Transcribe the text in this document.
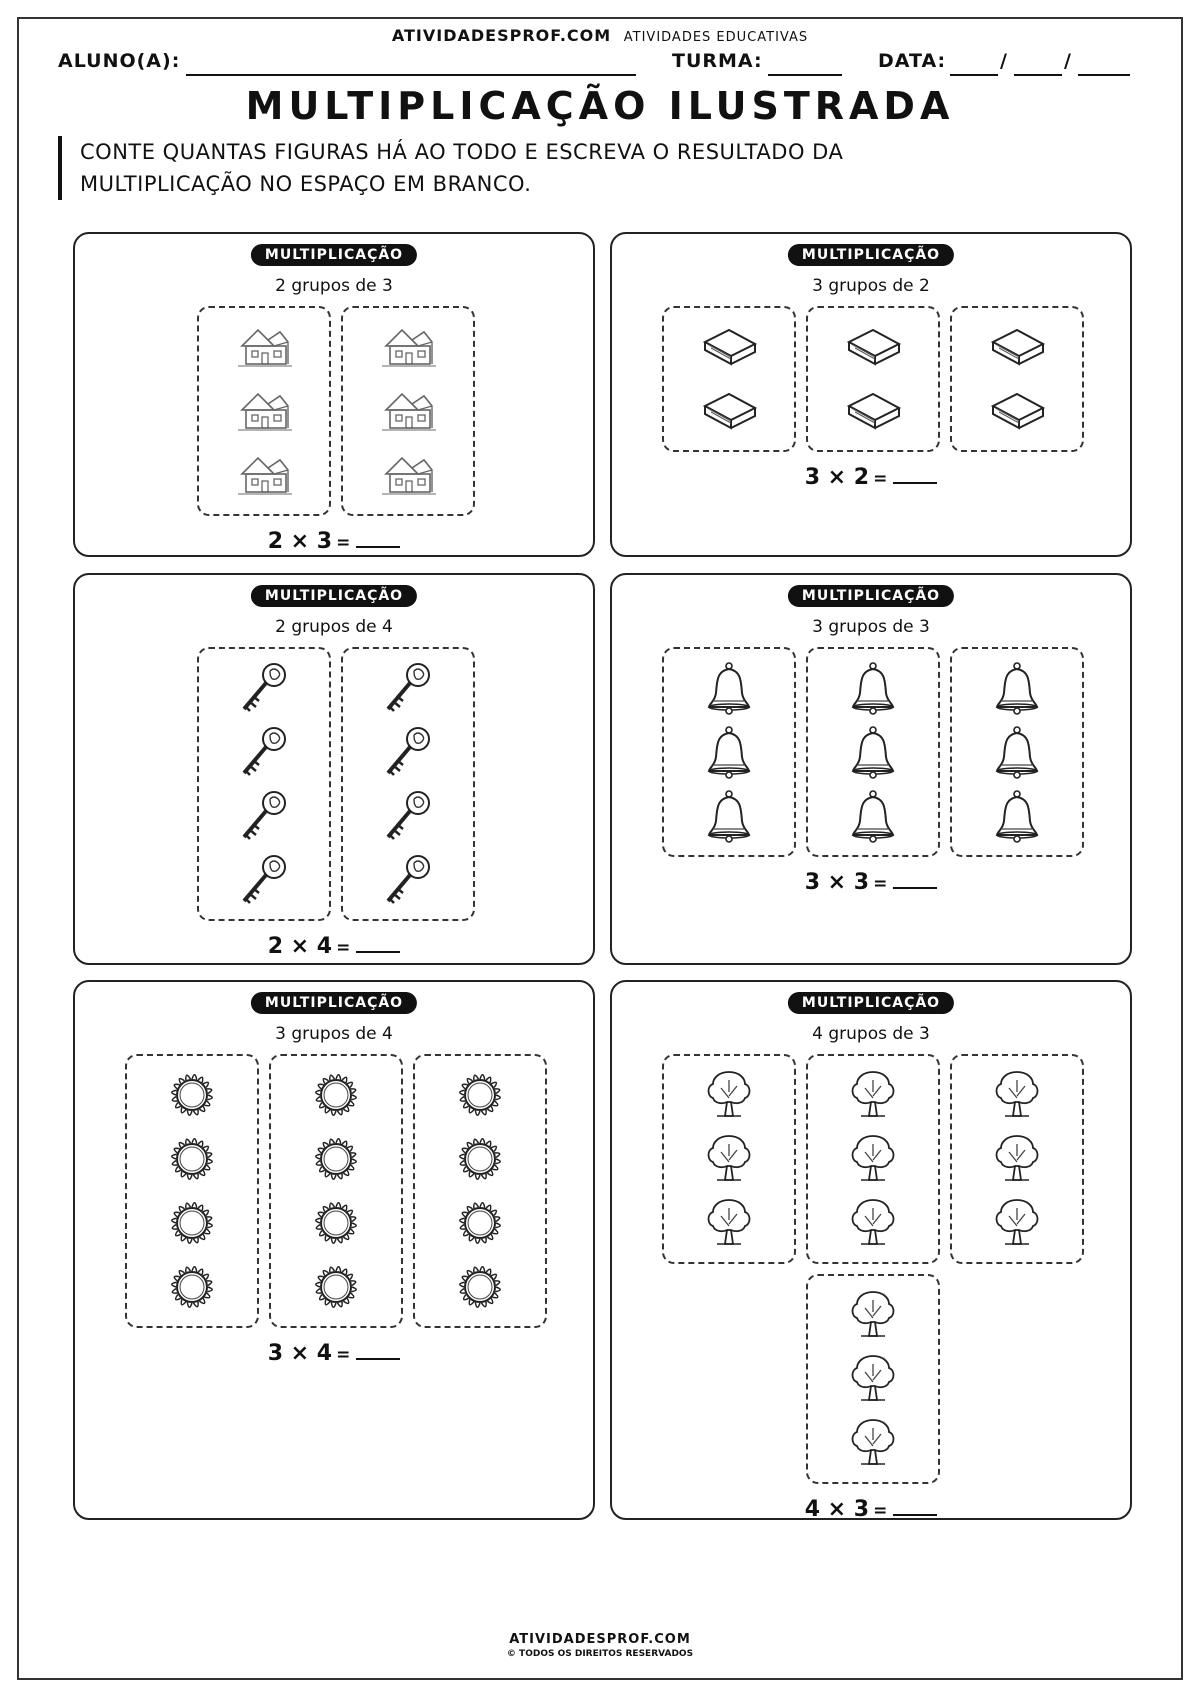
ATIVIDADESPROF.COM ATIVIDADES EDUCATIVAS
ALUNO(A):	TURMA:	DATA:	/	/
MULTIPLICAÇÃO ILUSTRADA
CONTE QUANTAS FIGURAS HÁ AO TODO E ESCREVA O RESULTADO DA
MULTIPLICAÇÃO NO ESPAÇO EM BRANCO.
MULTIPLICAÇÃO
2 grupos de 3
2 × 3 =
MULTIPLICAÇÃO
3 grupos de 2
3 × 2 =
MULTIPLICAÇÃO
2 grupos de 4
2 × 4 =
MULTIPLICAÇÃO
3 grupos de 3
3 × 3 =
MULTIPLICAÇÃO
3 grupos de 4
3 × 4 =
MULTIPLICAÇÃO
4 grupos de 3
4 × 3 =
ATIVIDADESPROF.COM
© TODOS OS DIREITOS RESERVADOS
